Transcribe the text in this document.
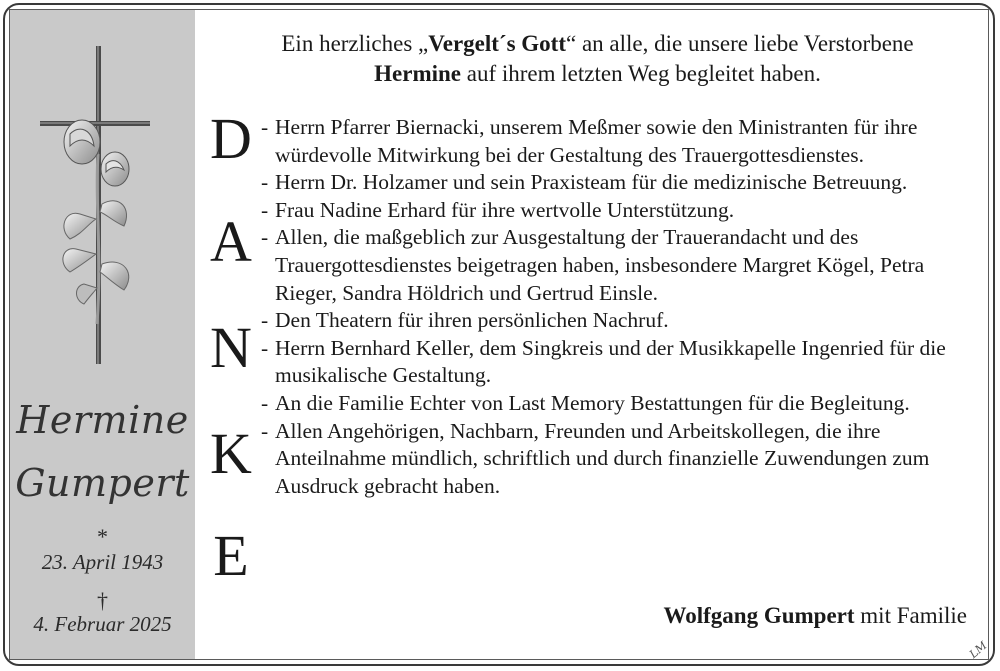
Hermine
Gumpert
*
23. April 1943
†
4. Februar 2025
Ein herzliches „Vergelt´s Gott“ an alle, die unsere liebe Verstorbene
Hermine auf ihrem letzten Weg begleitet haben.
D
A
N
K
E
- Herrn Pfarrer Biernacki, unserem Meßmer sowie den Ministranten für ihre würdevolle Mitwirkung bei der Gestaltung des Trauergottesdienstes.
- Herrn Dr. Holzamer und sein Praxisteam für die medizinische Betreuung.
- Frau Nadine Erhard für ihre wertvolle Unterstützung.
- Allen, die maßgeblich zur Ausgestaltung der Trauerandacht und des Trauergottesdienstes beigetragen haben, insbesondere Margret Kögel, Petra Rieger, Sandra Höldrich und Gertrud Einsle.
- Den Theatern für ihren persönlichen Nachruf.
- Herrn Bernhard Keller, dem Singkreis und der Musikkapelle Ingenried für die musikalische Gestaltung.
- An die Familie Echter von Last Memory Bestattungen für die Begleitung.
- Allen Angehörigen, Nachbarn, Freunden und Arbeitskollegen, die ihre Anteilnahme mündlich, schriftlich und durch finanzielle Zuwendungen zum Ausdruck gebracht haben.
Wolfgang Gumpert mit Familie
LM
